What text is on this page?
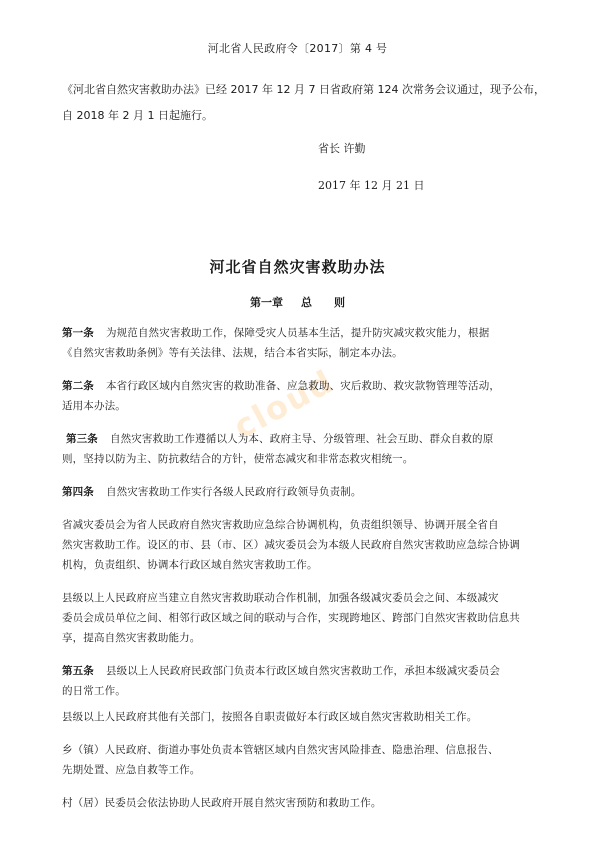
河北省人民政府令〔2017〕第 4 号
《河北省自然灾害救助办法》已经 2017 年 12 月 7 日省政府第 124 次常务会议通过，现予公布，
自 2018 年 2 月 1 日起施行。
省长 许勤
2017 年 12 月 21 日
河北省自然灾害救助办法
第一章 总 则
cloud
第一条 为规范自然灾害救助工作，保障受灾人员基本生活，提升防灾减灾救灾能力，根据
《自然灾害救助条例》等有关法律、法规，结合本省实际，制定本办法。
第二条 本省行政区域内自然灾害的救助准备、应急救助、灾后救助、救灾款物管理等活动，
适用本办法。
第三条 自然灾害救助工作遵循以人为本、政府主导、分级管理、社会互助、群众自救的原
则，坚持以防为主、防抗救结合的方针，使常态减灾和非常态救灾相统一。
第四条 自然灾害救助工作实行各级人民政府行政领导负责制。
省减灾委员会为省人民政府自然灾害救助应急综合协调机构，负责组织领导、协调开展全省自
然灾害救助工作。设区的市、县（市、区）减灾委员会为本级人民政府自然灾害救助应急综合协调
机构，负责组织、协调本行政区域自然灾害救助工作。
县级以上人民政府应当建立自然灾害救助联动合作机制，加强各级减灾委员会之间、本级减灾
委员会成员单位之间、相邻行政区域之间的联动与合作，实现跨地区、跨部门自然灾害救助信息共
享，提高自然灾害救助能力。
第五条 县级以上人民政府民政部门负责本行政区域自然灾害救助工作，承担本级减灾委员会
的日常工作。
县级以上人民政府其他有关部门，按照各自职责做好本行政区域自然灾害救助相关工作。
乡（镇）人民政府、街道办事处负责本管辖区域内自然灾害风险排查、隐患治理、信息报告、
先期处置、应急自救等工作。
村（居）民委员会依法协助人民政府开展自然灾害预防和救助工作。
